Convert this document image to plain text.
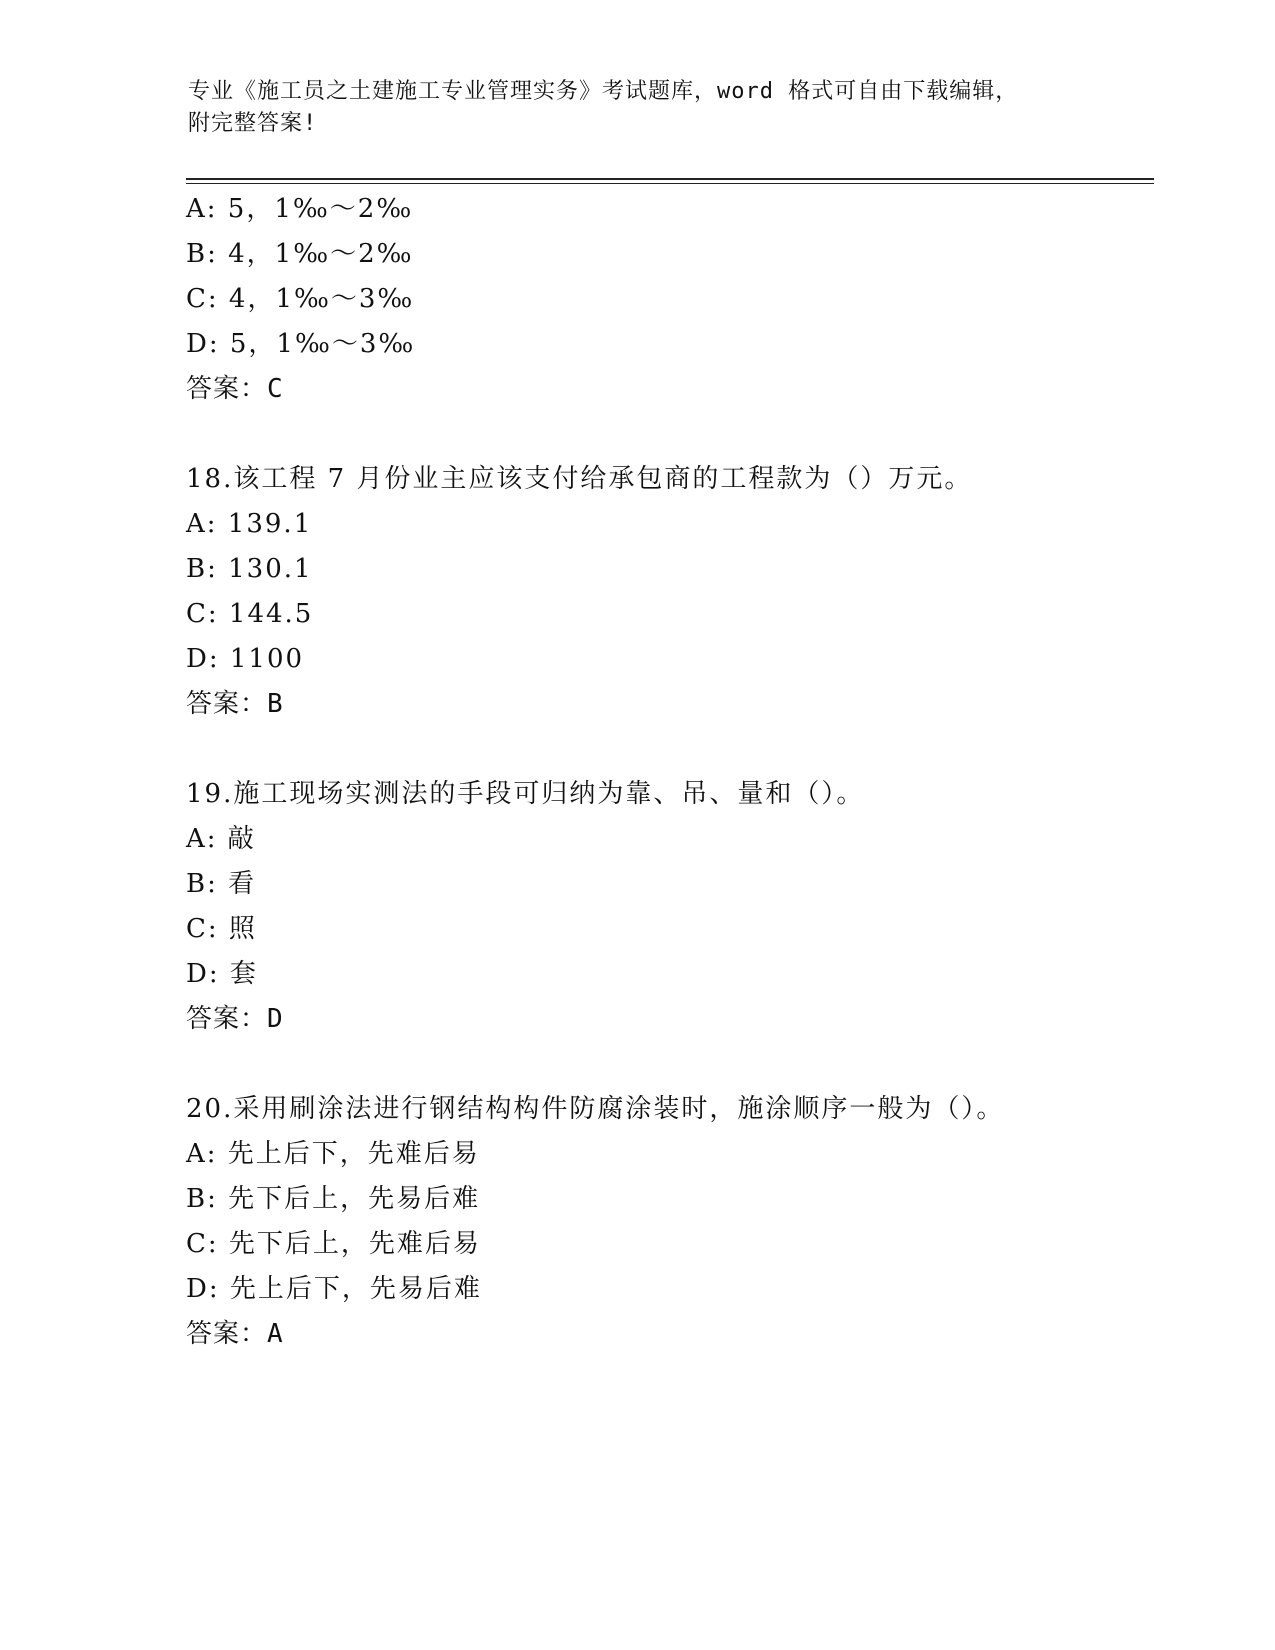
专业《施工员之土建施工专业管理实务》考试题库，word 格式可自由下载编辑，
附完整答案!
A: 5，1‰～2‰
B: 4，1‰～2‰
C: 4，1‰～3‰
D: 5，1‰～3‰
答案：C
18.该工程 7 月份业主应该支付给承包商的工程款为（）万元。
A: 139.1
B: 130.1
C: 144.5
D: 1100
答案：B
19.施工现场实测法的手段可归纳为靠、吊、量和（）。
A: 敲
B: 看
C: 照
D: 套
答案：D
20.采用刷涂法进行钢结构构件防腐涂装时，施涂顺序一般为（）。
A: 先上后下，先难后易
B: 先下后上，先易后难
C: 先下后上，先难后易
D: 先上后下，先易后难
答案：A
